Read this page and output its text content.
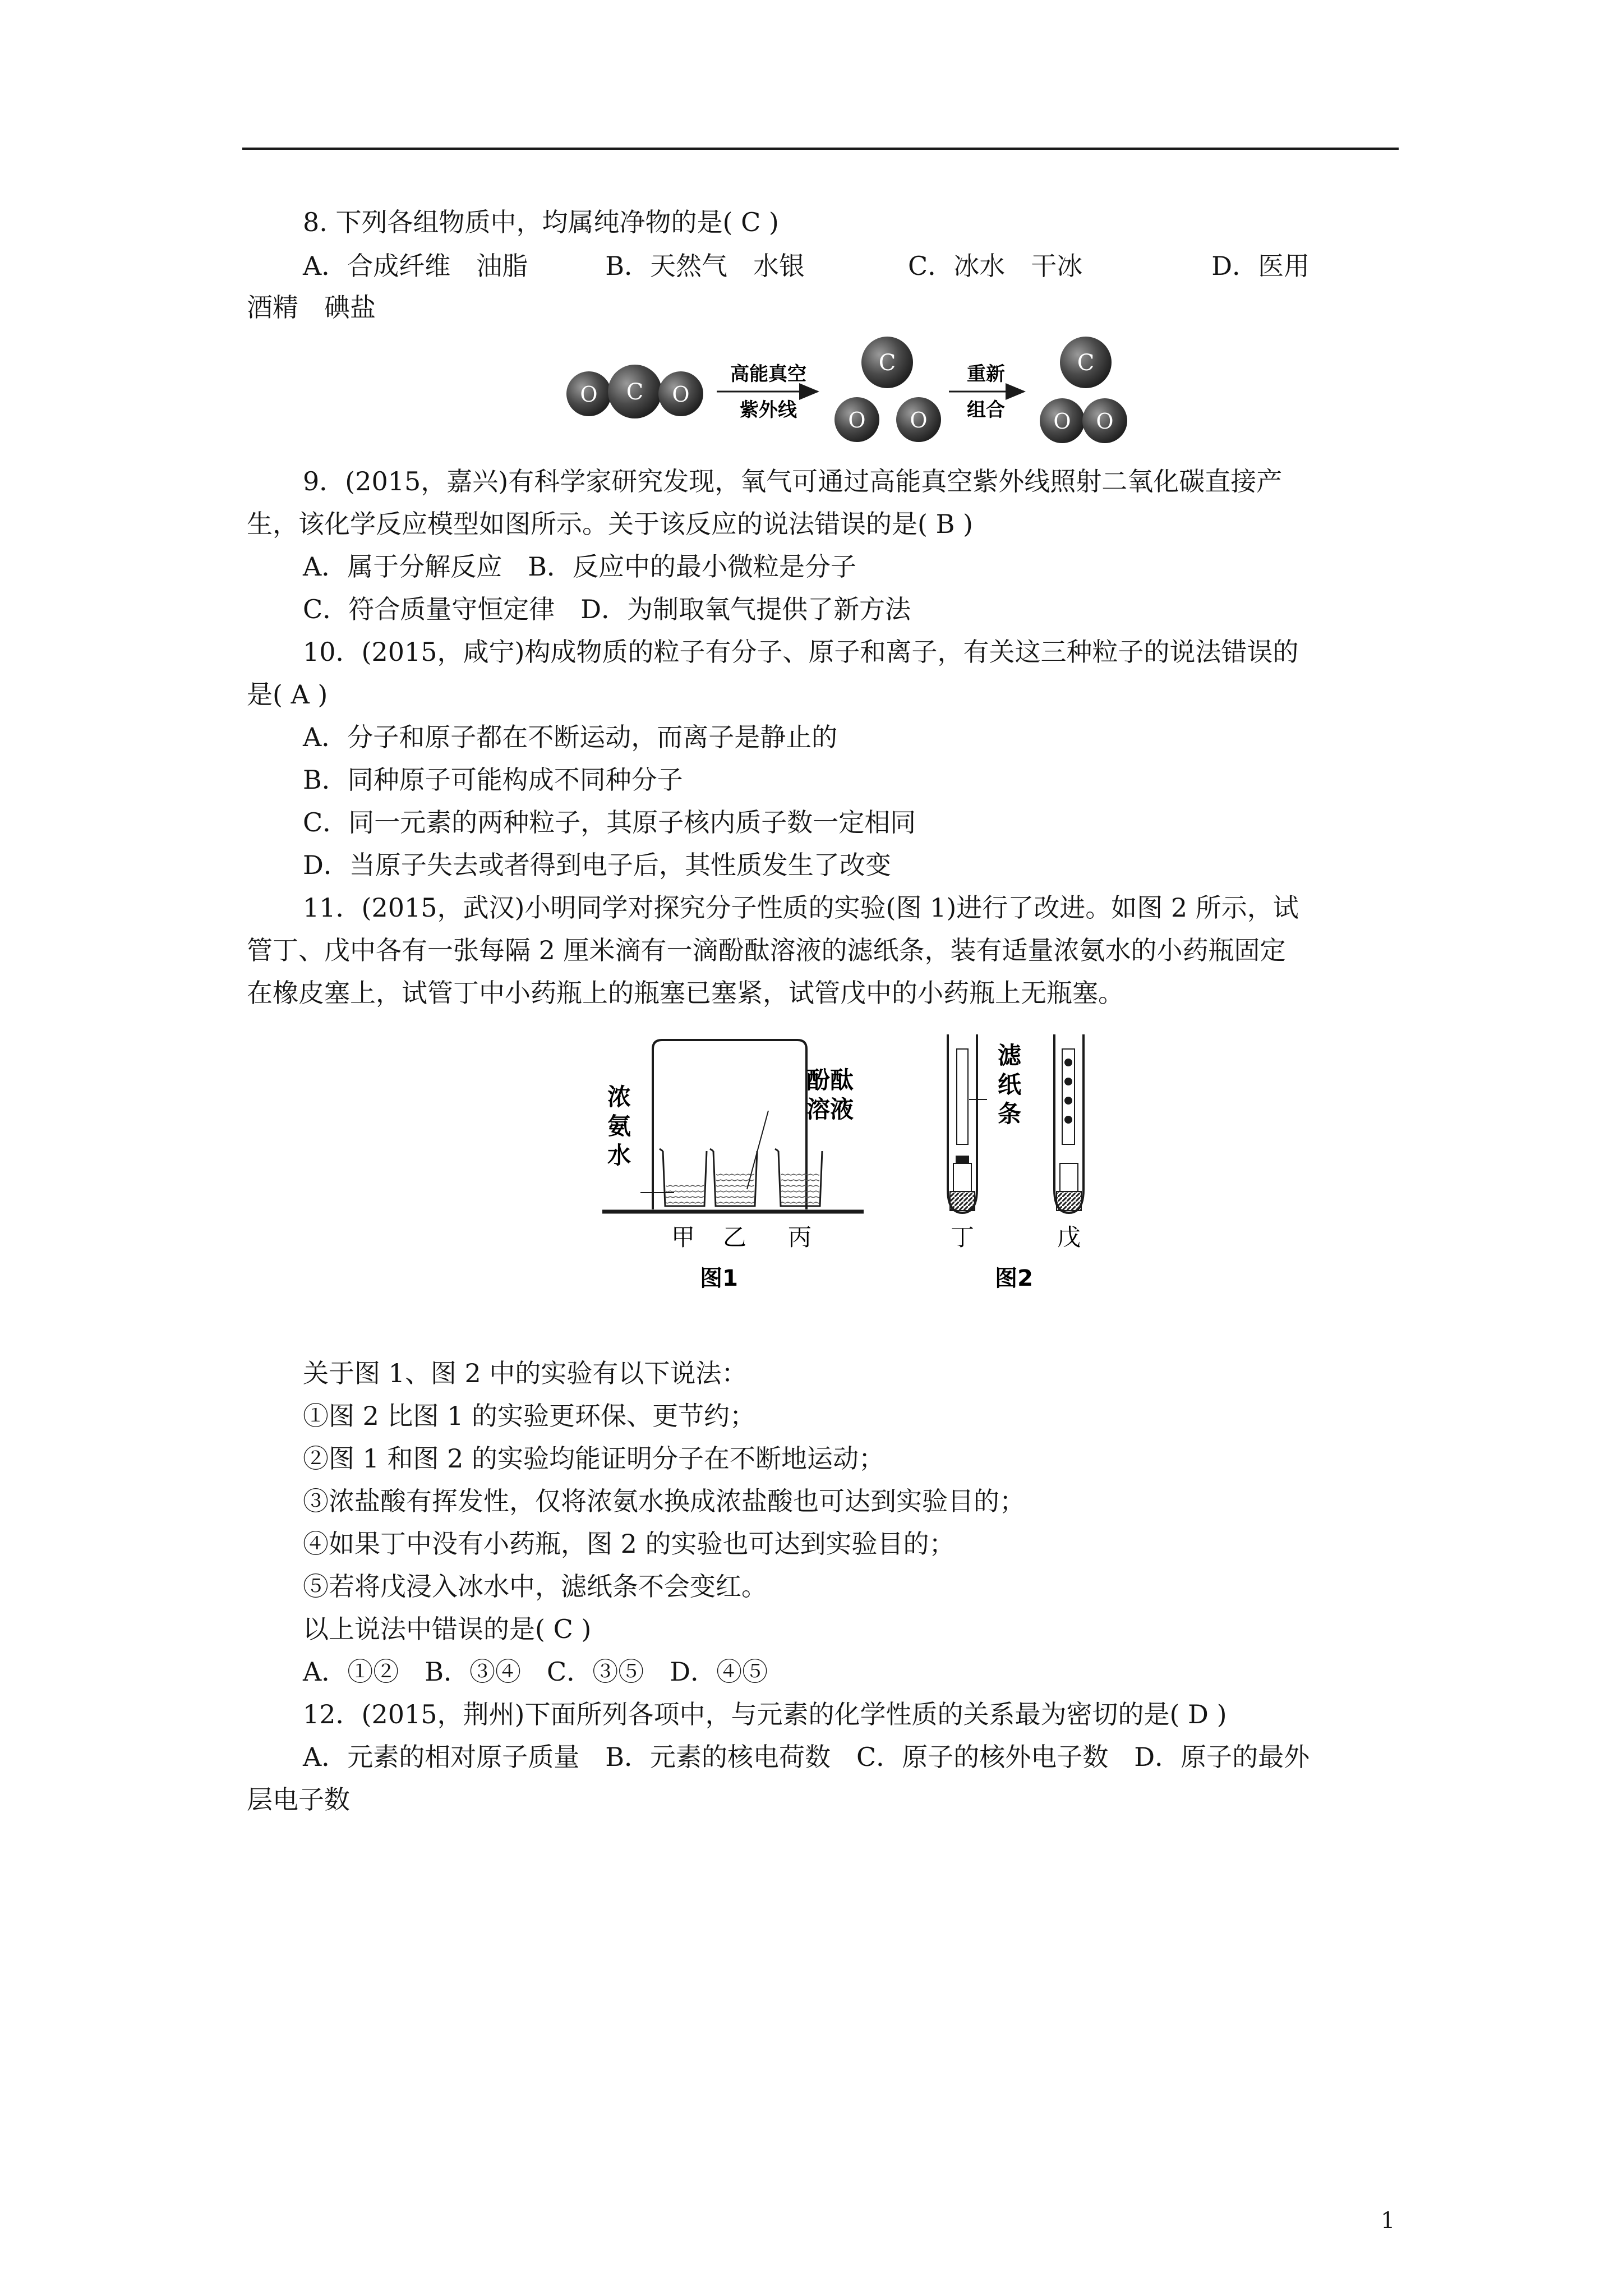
8. 下列各组物质中，均属纯净物的是( C )
A．合成纤维　油脂　　　B．天然气　水银　　　　C．冰水　干冰　　　　　D．医用
酒精　碘盐
O C O
高能真空
紫外线
C
O O
重新
组合
C
O O
9．(2015，嘉兴)有科学家研究发现，氧气可通过高能真空紫外线照射二氧化碳直接产
生，该化学反应模型如图所示。关于该反应的说法错误的是( B )
A．属于分解反应　B．反应中的最小微粒是分子
C．符合质量守恒定律　D．为制取氧气提供了新方法
10．(2015，咸宁)构成物质的粒子有分子、原子和离子，有关这三种粒子的说法错误的
是( A )
A．分子和原子都在不断运动，而离子是静止的
B．同种原子可能构成不同种分子
C．同一元素的两种粒子，其原子核内质子数一定相同
D．当原子失去或者得到电子后，其性质发生了改变
11．(2015，武汉)小明同学对探究分子性质的实验(图 1)进行了改进。如图 2 所示，试
管丁、戊中各有一张每隔 2 厘米滴有一滴酚酞溶液的滤纸条，装有适量浓氨水的小药瓶固定
在橡皮塞上，试管丁中小药瓶上的瓶塞已塞紧，试管戊中的小药瓶上无瓶塞。
浓
氨
水
酚酞
溶液
甲 乙 丙
图1
滤
纸
条
丁	戊
图2
关于图 1、图 2 中的实验有以下说法：
①图 2 比图 1 的实验更环保、更节约；
②图 1 和图 2 的实验均能证明分子在不断地运动；
③浓盐酸有挥发性，仅将浓氨水换成浓盐酸也可达到实验目的；
④如果丁中没有小药瓶，图 2 的实验也可达到实验目的；
⑤若将戊浸入冰水中，滤纸条不会变红。
以上说法中错误的是( C )
A．①②　B．③④　C．③⑤　D．④⑤
12．(2015，荆州)下面所列各项中，与元素的化学性质的关系最为密切的是( D )
A．元素的相对原子质量　B．元素的核电荷数　C．原子的核外电子数　D．原子的最外
层电子数
1
